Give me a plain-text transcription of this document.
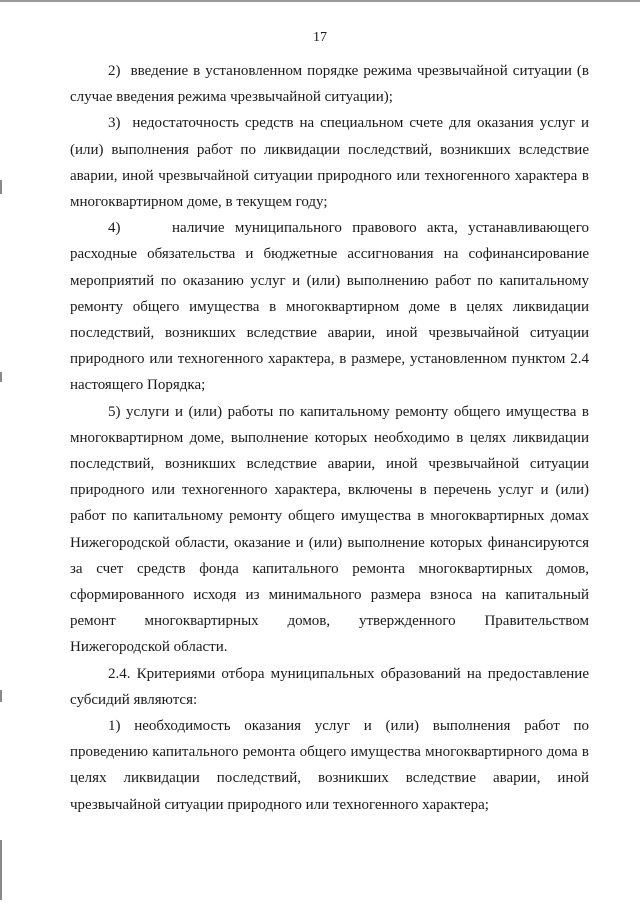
17

2)  введение в установленном порядке режима чрезвычайной ситуации (в случае введения режима чрезвычайной ситуации);

3)  недостаточность средств на специальном счете для оказания услуг и (или) выполнения работ по ликвидации последствий, возникших вследствие аварии, иной чрезвычайной ситуации природного или техногенного характера в многоквартирном доме, в текущем году;

4)     наличие муниципального правового акта, устанавливающего расходные обязательства и бюджетные ассигнования на софинансирование мероприятий по оказанию услуг и (или) выполнению работ по капитальному ремонту общего имущества в многоквартирном доме в целях ликвидации последствий, возникших вследствие аварии, иной чрезвычайной ситуации природного или техногенного характера, в размере, установленном пунктом 2.4 настоящего Порядка;

5) услуги и (или) работы по капитальному ремонту общего имущества в многоквартирном доме, выполнение которых необходимо в целях ликвидации последствий, возникших вследствие аварии, иной чрезвычайной ситуации природного или техногенного характера, включены в перечень услуг и (или) работ по капитальному ремонту общего имущества в многоквартирных домах Нижегородской области, оказание и (или) выполнение которых финансируются за счет средств фонда капитального ремонта многоквартирных домов, сформированного исходя из минимального размера взноса на капитальный ремонт многоквартирных домов, утвержденного Правительством Нижегородской области.

2.4. Критериями отбора муниципальных образований на предоставление субсидий являются:

1) необходимость оказания услуг и (или) выполнения работ по проведению капитального ремонта общего имущества многоквартирного дома в целях ликвидации последствий, возникших вследствие аварии, иной чрезвычайной ситуации природного или техногенного характера;
